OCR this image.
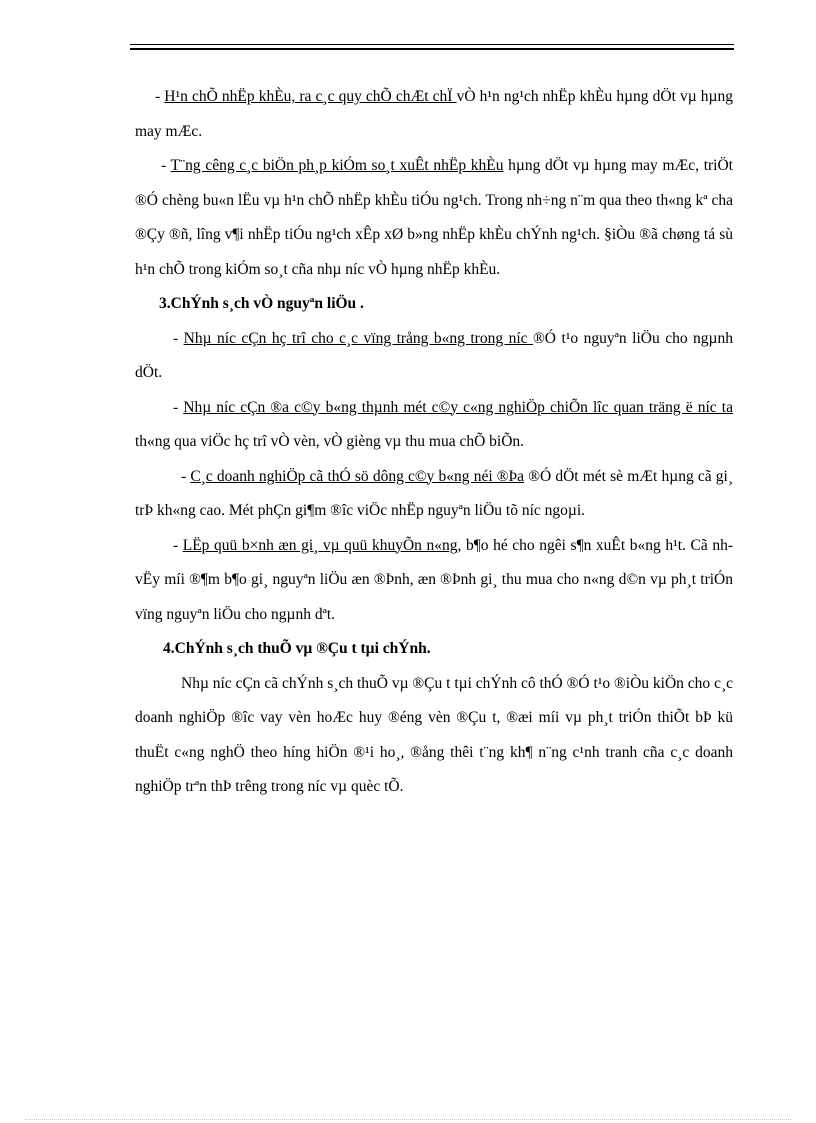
- H¹n chÕ nhËp khÈu, ra c¸c quy chÕ chÆt chÏ vÒ h¹n ng¹ch nhËp khÈu hµng dÖt vµ hµng may mÆc.

- T¨ng cêng c¸c biÖn ph¸p kiÓm so¸t xuÊt nhËp khÈu hµng dÖt vµ hµng may mÆc, triÖt ®Ó chèng bu«n lËu vµ h¹n chÕ nhËp khÈu tiÓu ng¹ch. Trong nh÷ng n¨m qua theo th«ng kª cha ®Çy ®ñ, lîng v¶i nhËp tiÓu ng¹ch xÊp xØ b»ng nhËp khÈu chÝnh ng¹ch. §iÒu ®ã chøng tá sù h¹n chÕ trong kiÓm so¸t cña nhµ níc vÒ hµng nhËp khÈu.

3.ChÝnh s¸ch vÒ nguyªn liÖu .

- Nhµ níc cÇn hç trî cho c¸c vïng trång b«ng trong níc ®Ó t¹o nguyªn liÖu cho ngµnh dÖt.

- Nhµ níc cÇn ®a c©y b«ng thµnh mét c©y c«ng nghiÖp chiÕn lîc quan träng ë níc ta th«ng qua viÖc hç trî vÒ vèn, vÒ gièng vµ thu mua chÕ biÕn.

- C¸c doanh nghiÖp cã thÓ sö dông c©y b«ng néi ®Þa ®Ó dÖt mét sè mÆt hµng cã gi¸ trÞ kh«ng cao. Mét phÇn gi¶m ®îc viÖc nhËp nguyªn liÖu tõ níc ngoµi.

- LËp quü b×nh æn gi¸ vµ quü khuyÕn n«ng, b¶o hé cho ngêi s¶n xuÊt b«ng h¹t. Cã nh vËy míi ®¶m b¶o gi¸ nguyªn liÖu æn ®Þnh, æn ®Þnh gi¸ thu mua cho n«ng d©n vµ ph¸t triÓn vïng nguyªn liÖu cho ngµnh dªt.

4.ChÝnh s¸ch thuÕ vµ ®Çu t tµi chÝnh.

Nhµ níc cÇn cã chÝnh s¸ch thuÕ vµ ®Çu t tµi chÝnh cô thÓ ®Ó t¹o ®iÒu kiÖn cho c¸c doanh nghiÖp ®îc vay vèn hoÆc huy ®éng vèn ®Çu t, ®æi míi vµ ph¸t triÓn thiÕt bÞ kü thuËt c«ng nghÖ theo híng hiÖn ®¹i ho¸, ®ång thêi t¨ng kh¶ n¨ng c¹nh tranh cña c¸c doanh nghiÖp trªn thÞ trêng trong níc vµ quèc tÕ.
